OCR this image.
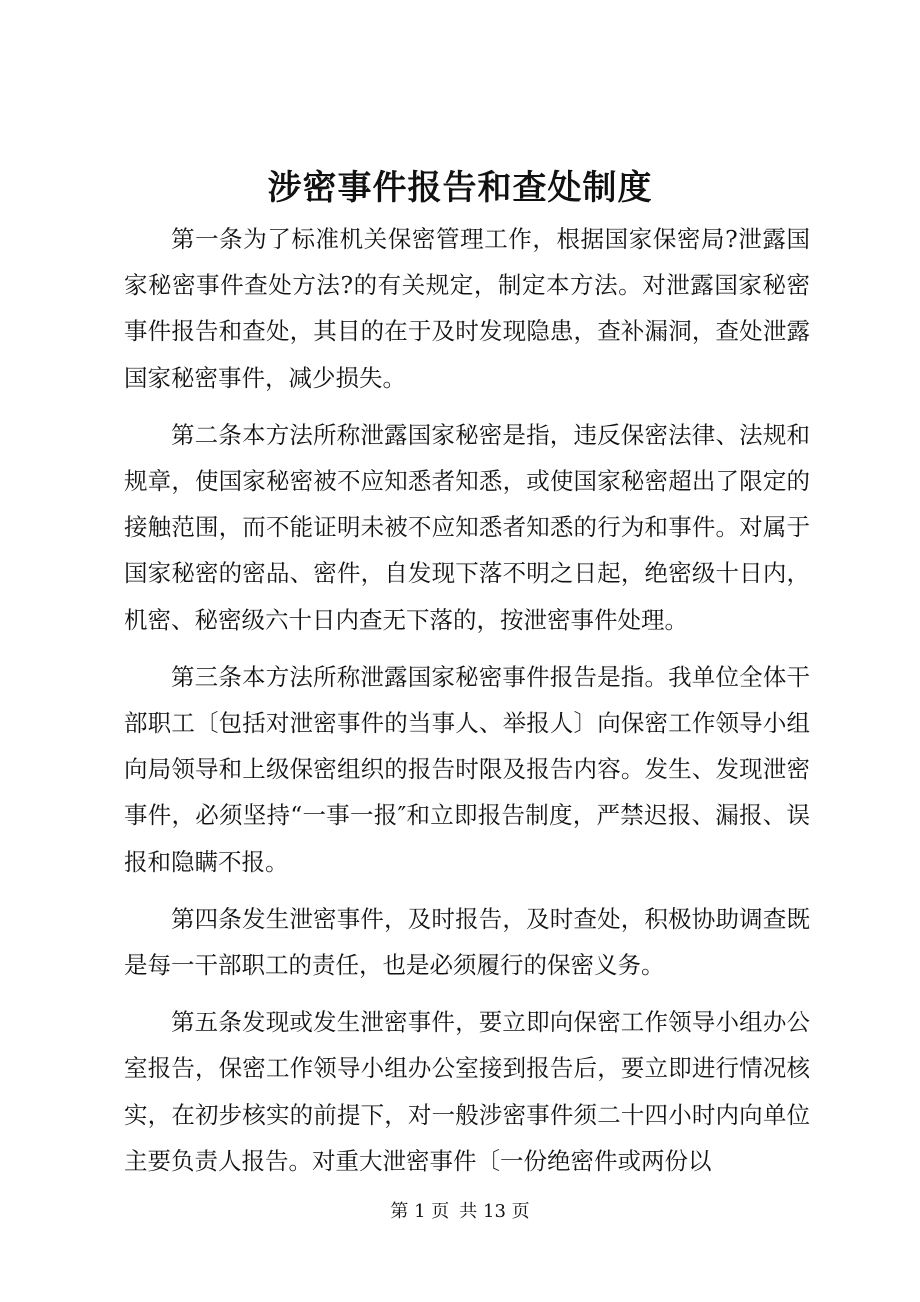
涉密事件报告和查处制度

第一条为了标准机关保密管理工作，根据国家保密局?泄露国家秘密事件查处方法?的有关规定，制定本方法。对泄露国家秘密事件报告和查处，其目的在于及时发现隐患，查补漏洞，查处泄露国家秘密事件，减少损失。

第二条本方法所称泄露国家秘密是指，违反保密法律、法规和规章，使国家秘密被不应知悉者知悉，或使国家秘密超出了限定的接触范围，而不能证明未被不应知悉者知悉的行为和事件。对属于国家秘密的密品、密件，自发现下落不明之日起，绝密级十日内，机密、秘密级六十日内查无下落的，按泄密事件处理。

第三条本方法所称泄露国家秘密事件报告是指。我单位全体干部职工〔包括对泄密事件的当事人、举报人〕向保密工作领导小组向局领导和上级保密组织的报告时限及报告内容。发生、发现泄密事件，必须坚持“一事一报″和立即报告制度，严禁迟报、漏报、误报和隐瞒不报。

第四条发生泄密事件，及时报告，及时查处，积极协助调查既是每一干部职工的责任，也是必须履行的保密义务。

第五条发现或发生泄密事件，要立即向保密工作领导小组办公室报告，保密工作领导小组办公室接到报告后，要立即进行情况核实，在初步核实的前提下，对一般涉密事件须二十四小时内向单位主要负责人报告。对重大泄密事件〔一份绝密件或两份以

第 1 页 共 13 页
